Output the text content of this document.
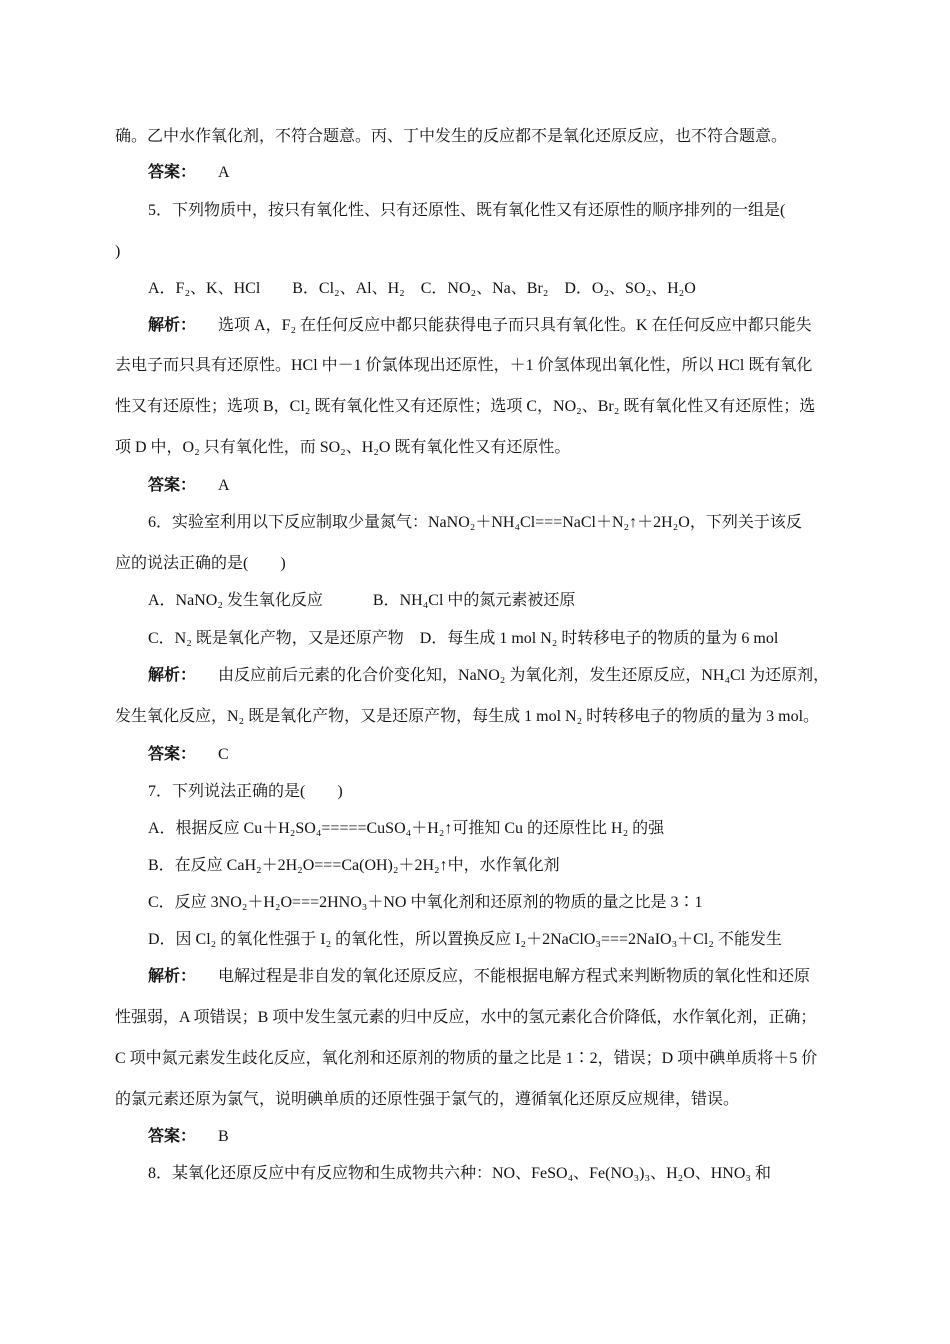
确。乙中水作氧化剂，不符合题意。丙、丁中发生的反应都不是氧化还原反应，也不符合题意。
答案： A
5．下列物质中，按只有氧化性、只有还原性、既有氧化性又有还原性的顺序排列的一组是(
)
A．F₂、K、HCl　　B．Cl₂、Al、H₂　C．NO₂、Na、Br₂　D．O₂、SO₂、H₂O
解析： 选项 A，F₂ 在任何反应中都只能获得电子而只具有氧化性。K 在任何反应中都只能失
去电子而只具有还原性。HCl 中－1 价氯体现出还原性，＋1 价氢体现出氧化性，所以 HCl 既有氧化
性又有还原性；选项 B，Cl₂ 既有氧化性又有还原性；选项 C，NO₂、Br₂ 既有氧化性又有还原性；选
项 D 中，O₂ 只有氧化性，而 SO₂、H₂O 既有氧化性又有还原性。
答案： A
6．实验室利用以下反应制取少量氮气：NaNO₂＋NH₄Cl===NaCl＋N₂↑＋2H₂O，下列关于该反
应的说法正确的是(　　)
A．NaNO₂ 发生氧化反应	B．NH₄Cl 中的氮元素被还原
C．N₂ 既是氧化产物，又是还原产物　D．每生成 1 mol N₂ 时转移电子的物质的量为 6 mol
解析： 由反应前后元素的化合价变化知，NaNO₂ 为氧化剂，发生还原反应，NH₄Cl 为还原剂，
发生氧化反应，N₂ 既是氧化产物，又是还原产物，每生成 1 mol N₂ 时转移电子的物质的量为 3 mol。
答案： C
7．下列说法正确的是(　　)
A．根据反应 Cu＋H₂SO₄=====CuSO₄＋H₂↑可推知 Cu 的还原性比 H₂ 的强
B．在反应 CaH₂＋2H₂O===Ca(OH)₂＋2H₂↑中，水作氧化剂
C．反应 3NO₂＋H₂O===2HNO₃＋NO 中氧化剂和还原剂的物质的量之比是 3∶1
D．因 Cl₂ 的氧化性强于 I₂ 的氧化性，所以置换反应 I₂＋2NaClO₃===2NaIO₃＋Cl₂ 不能发生
解析： 电解过程是非自发的氧化还原反应，不能根据电解方程式来判断物质的氧化性和还原
性强弱，A 项错误；B 项中发生氢元素的归中反应，水中的氢元素化合价降低，水作氧化剂，正确；
C 项中氮元素发生歧化反应，氧化剂和还原剂的物质的量之比是 1∶2，错误；D 项中碘单质将＋5 价
的氯元素还原为氯气，说明碘单质的还原性强于氯气的，遵循氧化还原反应规律，错误。
答案： B
8．某氧化还原反应中有反应物和生成物共六种：NO、FeSO₄、Fe(NO₃)₃、H₂O、HNO₃ 和
